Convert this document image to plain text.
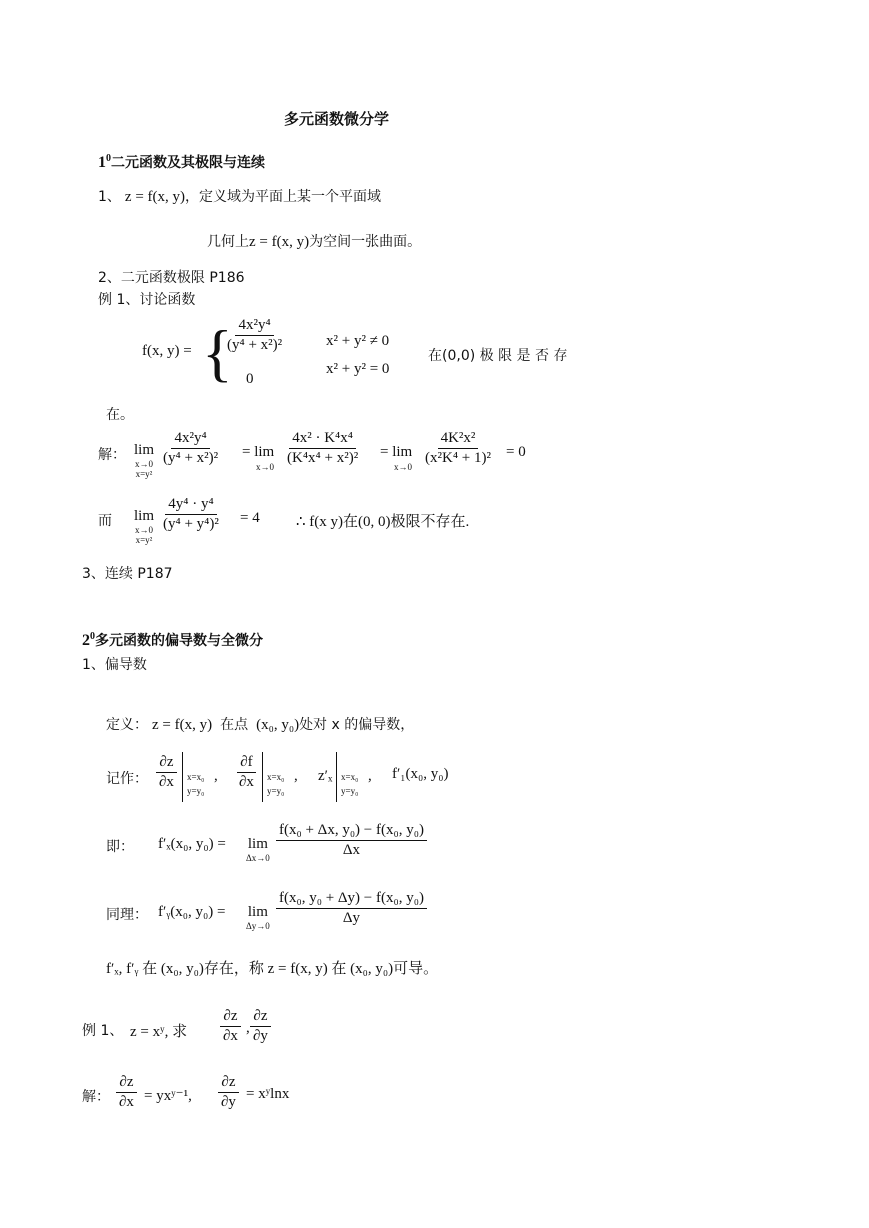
多元函数微分学
$1^0$二元函数及其极限与连续
1、 z = f(x, y)，定义域为平面上某一个平面域
几何上z = f(x, y)为空间一张曲面。
2、二元函数极限 P186
例 1、讨论函数
f(x, y) = {
$\frac{\text{4x²y⁴}}{\text{(y⁴ + x²)²}}$	x² + y² ≠ 0
0
x² + y² = 0
在(0,0) 极 限 是 否 存
在。
解： lim
x→0
x=y²
$\frac{\text{4x²y⁴}}{\text{(y⁴ + x²)²}} = \lim$
$x\to 0 \frac{\text{4x² · K⁴x⁴}}{\text{(K⁴x⁴ + x²)²}} = \lim$
$x\to 0 \frac{\text{4K²x²}}{\text{(x²K⁴ + 1)²}} = 0$
而 lim
x→0
x=y²
$\frac{\text{4y⁴ · y⁴}}{\text{(y⁴ + y⁴)²}} = 4$ ∴ f(x y)在(0, 0)极限不存在.
3、连续 P187
$2^0$多元函数的偏导数与全微分
1、偏导数
定义： z = f(x, y) 在点 (x₀, y₀)处对 x 的偏导数，
记作： $\frac{\partial z}{\partial x} x=x_0$
y=y₀
, $\frac{\partial f}{\partial x} x=x_0$
y=y₀
, z′ₓ x=x₀
y=y₀
, f′₁(x₀, y₀)
即： f′ₓ(x₀, y₀) = lim
$\Delta x\to 0 \frac{\text{f(x₀ + Δx, y₀) − f(x₀, y₀)}}{\Delta x}$
同理： f′ᵧ(x₀, y₀) = lim
$\Delta y\to 0 \frac{\text{f(x₀, y₀ + Δy) − f(x₀, y₀)}}{\Delta y}$
f′ₓ, f′ᵧ 在 (x₀, y₀)存在，称 z = f(x, y) 在 (x₀, y₀)可导。
例 1、 z = xʸ, 求 $\frac{\partial z}{\partial x}$ , $\frac{\partial z}{\partial y}$
解： $\frac{\partial z}{\partial x}$ = yxʸ⁻¹, $\frac{\partial z}{\partial y}$ = xʸlnx
